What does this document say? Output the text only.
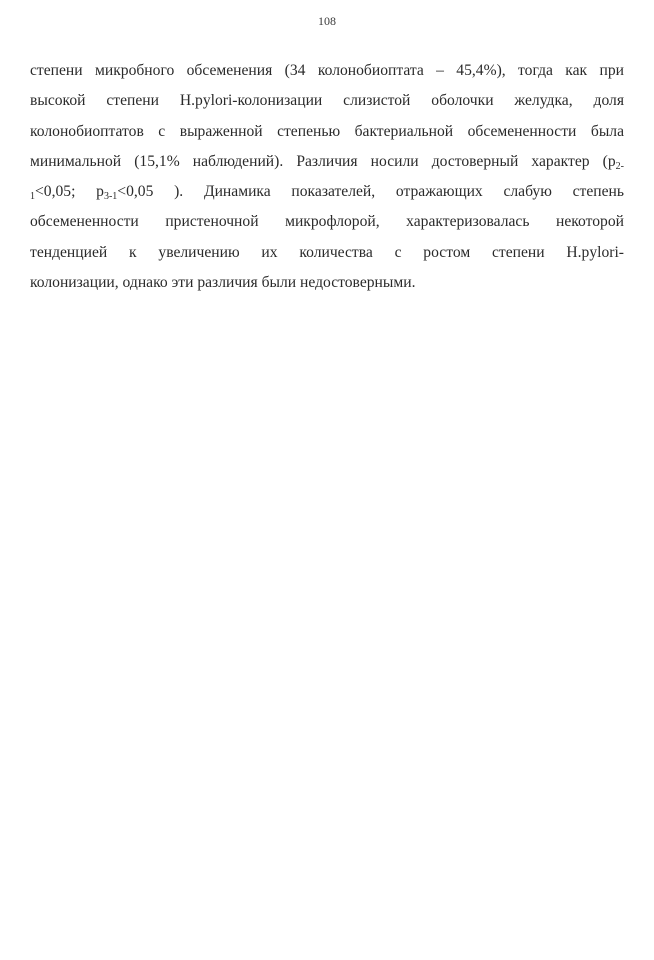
108
степени микробного обсеменения (34 колонобиоптата – 45,4%), тогда как при
высокой степени H.pylori-колонизации слизистой оболочки желудка, доля
колонобиоптатов с выраженной степенью бактериальной обсемененности была
минимальной (15,1% наблюдений). Различия носили достоверный характер ($p_{2-}$
$_1$<0,05;  $p_{3-1}<0,05$  ).  Динамика  показателей,  отражающих  слабую  степень
обсемененности пристеночной микрофлорой, характеризовалась некоторой
тенденцией к увеличению их количества с ростом степени H.pylori-
колонизации, однако эти различия были недостоверными.
